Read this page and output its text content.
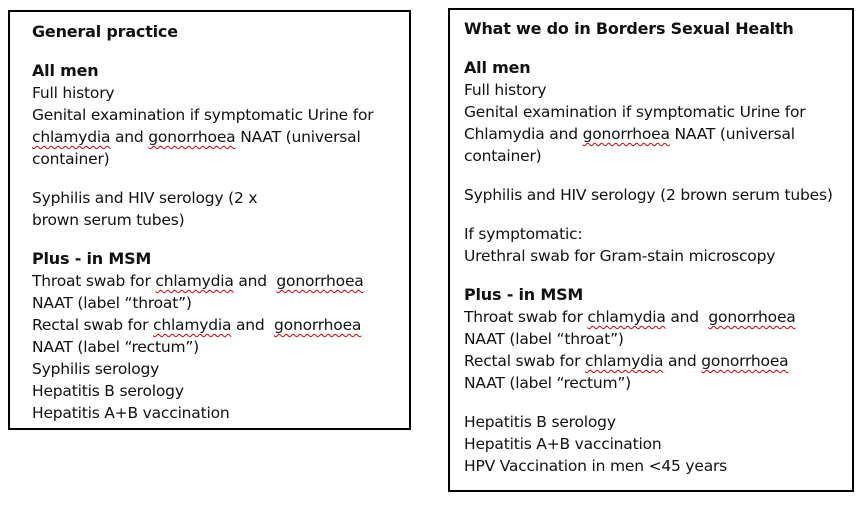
General practice
All men
Full history
Genital examination if symptomatic Urine for
chlamydia and gonorrhoea NAAT (universal
container)
Syphilis and HIV serology (2 x
brown serum tubes)
Plus - in MSM
Throat swab for chlamydia and  gonorrhoea
NAAT (label “throat”)
Rectal swab for chlamydia and  gonorrhoea
NAAT (label “rectum”)
Syphilis serology
Hepatitis B serology
Hepatitis A+B vaccination
What we do in Borders Sexual Health
All men
Full history
Genital examination if symptomatic Urine for
Chlamydia and gonorrhoea NAAT (universal
container)
Syphilis and HIV serology (2 brown serum tubes)
If symptomatic:
Urethral swab for Gram-stain microscopy
Plus - in MSM
Throat swab for chlamydia and  gonorrhoea
NAAT (label “throat”)
Rectal swab for chlamydia and gonorrhoea
NAAT (label “rectum”)
Hepatitis B serology
Hepatitis A+B vaccination
HPV Vaccination in men <45 years
